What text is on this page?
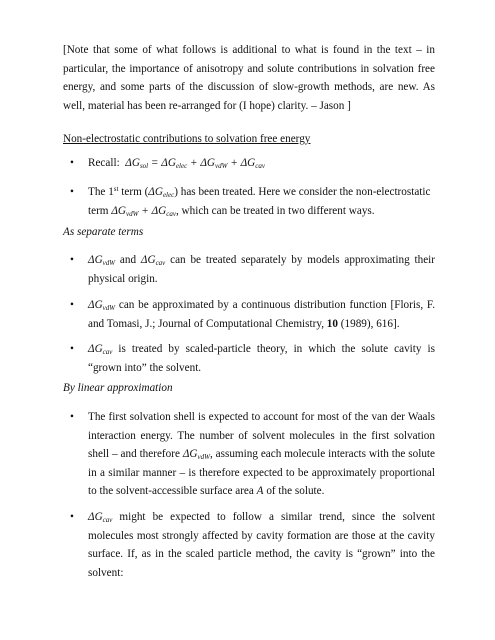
[Note that some of what follows is additional to what is found in the text – in particular, the importance of anisotropy and solute contributions in solvation free energy, and some parts of the discussion of slow-growth methods, are new. As well, material has been re-arranged for (I hope) clarity. – Jason ]
Non-electrostatic contributions to solvation free energy
• Recall: $\Delta G_{sol} = \Delta G_{elec} + \Delta G_{vdW} + \Delta G_{cav}$
• The 1st term $(\Delta G_{elec})$ has been treated. Here we consider the non-electrostatic
term $\Delta G_{vdW} + \Delta G_{cav}$, which can be treated in two different ways.
As separate terms
• $\Delta G_{vdW}$ and $\Delta G_{cav}$ can be treated separately by models approximating their physical origin.
• $\Delta G_{vdW}$ can be approximated by a continuous distribution function [Floris, F. and Tomasi, J.; Journal of Computational Chemistry, 10 (1989), 616].
• $\Delta G_{cav}$ is treated by scaled-particle theory, in which the solute cavity is “grown into” the solvent.
By linear approximation
• The first solvation shell is expected to account for most of the van der Waals interaction energy. The number of solvent molecules in the first solvation shell – and therefore $\Delta G_{vdW}$, assuming each molecule interacts with the solute in a similar manner – is therefore expected to be approximately proportional to the solvent-accessible surface area A of the solute.
• $\Delta G_{cav}$ might be expected to follow a similar trend, since the solvent molecules most strongly affected by cavity formation are those at the cavity surface. If, as in the scaled particle method, the cavity is “grown” into the solvent:
